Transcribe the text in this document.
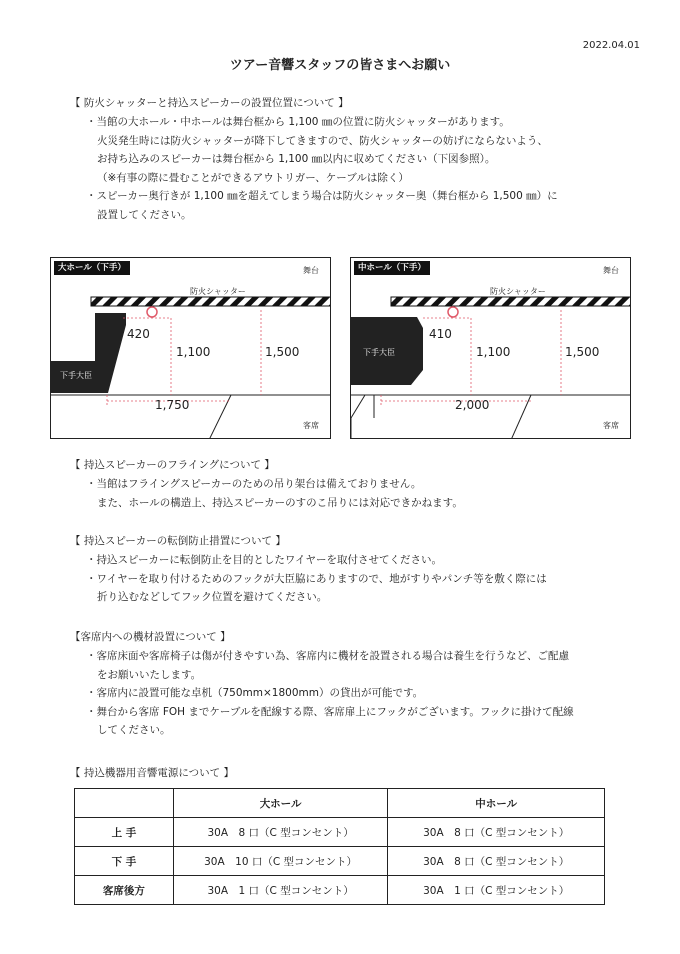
2022.04.01
ツアー音響スタッフの皆さまへお願い
【 防火シャッターと持込スピーカーの設置位置について 】
・当館の大ホール・中ホールは舞台框から 1,100 ㎜の位置に防火シャッターがあります。
火災発生時には防火シャッターが降下してきますので、防火シャッターの妨げにならないよう、
お持ち込みのスピーカーは舞台框から 1,100 ㎜以内に収めてください（下図参照）。
（※有事の際に畳むことができるアウトリガー、ケーブルは除く）
・スピーカー奥行きが 1,100 ㎜を超えてしまう場合は防火シャッター奥（舞台框から 1,500 ㎜）に
設置してください。
大ホール（下手）	舞台
防火シャッター
下手大臣
客席
420
1,100	1,500
1,750
中ホール（下手）	舞台
防火シャッター
下手大臣
客席
410
1,100	1,500
2,000
【 持込スピーカーのフライングについて 】
・当館はフライングスピーカーのための吊り架台は備えておりません。
また、ホールの構造上、持込スピーカーのすのこ吊りには対応できかねます。
【 持込スピーカーの転倒防止措置について 】
・持込スピーカーに転倒防止を目的としたワイヤーを取付させてください。
・ワイヤーを取り付けるためのフックが大臣脇にありますので、地がすりやパンチ等を敷く際には
折り込むなどしてフック位置を避けてください。
【客席内への機材設置について 】
・客席床面や客席椅子は傷が付きやすい為、客席内に機材を設置される場合は養生を行うなど、ご配慮
をお願いいたします。
・客席内に設置可能な卓机（750mm×1800mm）の貸出が可能です。
・舞台から客席 FOH までケーブルを配線する際、客席扉上にフックがございます。フックに掛けて配線
してください。
【 持込機器用音響電源について 】
	大ホール	中ホール
上 手	30A　8 口（C 型コンセント）	30A　8 口（C 型コンセント）
下 手	30A　10 口（C 型コンセント）	30A　8 口（C 型コンセント）
客席後方	30A　1 口（C 型コンセント）	30A　1 口（C 型コンセント）
